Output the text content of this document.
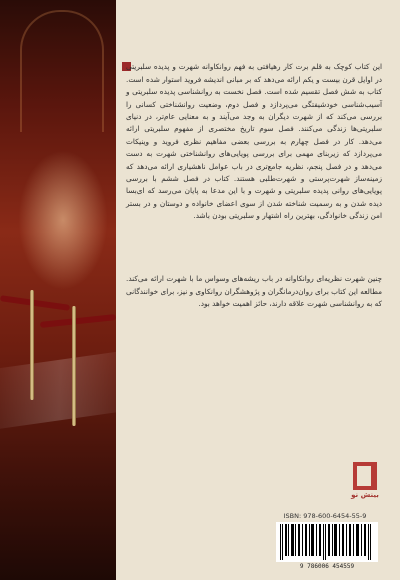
این کتاب کوچک به قلم برت کار رهیافتی به فهم روانکاوانه شهرت و پدیده سلبریتی در اوایل قرن بیست و یکم ارائه می‌دهد که بر مبانی اندیشه فروید استوار شده است. کتاب به شش فصل تقسیم شده است. فصل نخست به روانشناسی پدیده سلبریتی و آسیب‌شناسی خودشیفتگی می‌پردازد و فصل دوم، وضعیت روانشناختی کسانی را بررسی می‌کند که از شهرت دیگران به وجد می‌آیند و به معنایی عام‌تر، در دنیای سلبریتی‌ها زندگی می‌کنند. فصل سوم تاریخ مختصری از مفهوم سلبریتی ارائه می‌دهد. کار در فصل چهارم به بررسی بعضی مفاهیم نظری فروید و وینیکات می‌پردازد که زیربنای مهمی برای بررسی پویایی‌های روانشناختی شهرت به دست می‌دهد و در فصل پنجم، نظریه جامع‌تری در باب عوامل ناهشیاری ارائه می‌دهد که زمینه‌ساز شهرت‌پرستی و شهرت‌طلبی هستند. کتاب در فصل ششم با بررسی پویایی‌های روانی پدیده سلبریتی و شهرت و با این مدعا به پایان می‌رسد که ای‌بسا دیده شدن و به رسمیت شناخته شدن از سوی اعضای خانواده و دوستان و در بستر امن زندگی خانوادگی، بهترین راه اشتهار و سلبریتی بودن باشد.

چنین شهرت نظریه‌ای روانکاوانه در باب ریشه‌های وسواس ما با شهرت ارائه می‌کند. مطالعه این کتاب برای روان‌درمانگران و پژوهشگران روانکاوی و نیز، برای خوانندگانی که به روانشناسی شهرت علاقه دارند، حائز اهمیت خواهد بود.

بینش نو
ISBN: 978-600-6454-55-9
9 786006 454559
